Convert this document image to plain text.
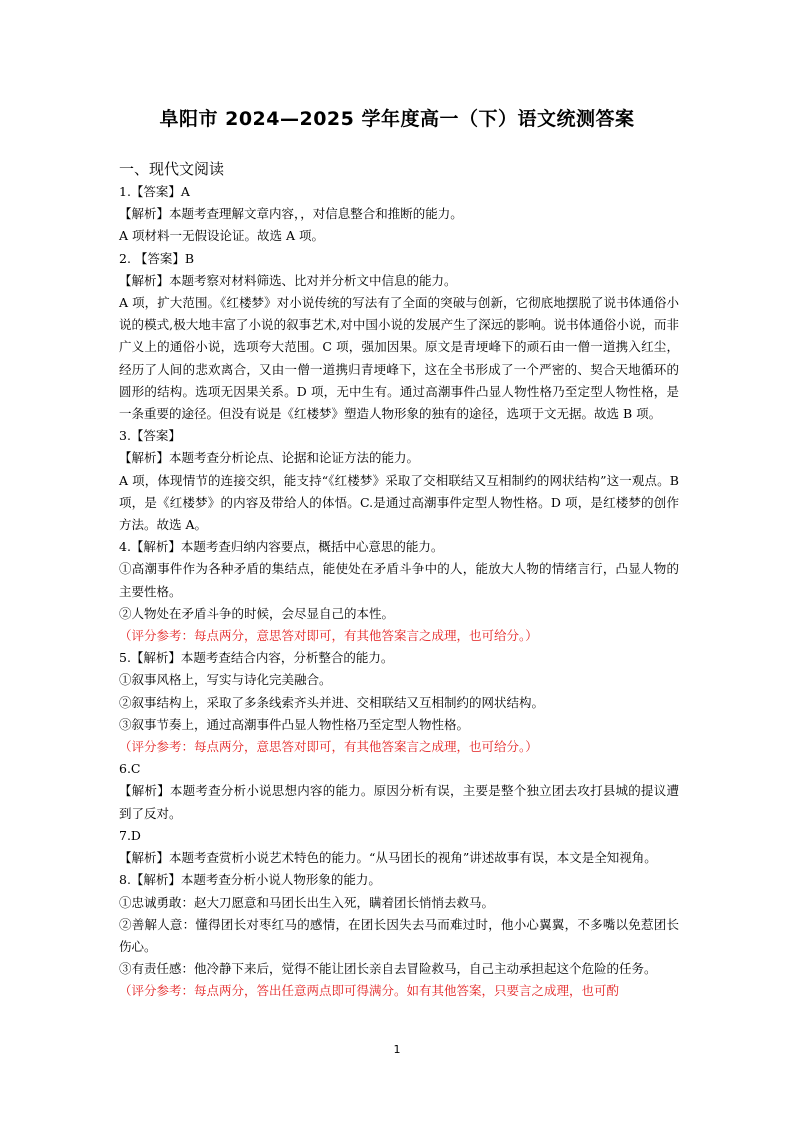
阜阳市 2024—2025 学年度高一（下）语文统测答案
一、现代文阅读

1.【答案】A

【解析】本题考查理解文章内容，，对信息整合和推断的能力。

A 项材料一无假设论证。故选 A 项。

2. 【答案】B

【解析】本题考察对材料筛选、比对并分析文中信息的能力。

A 项，扩大范围。《红楼梦》对小说传统的写法有了全面的突破与创新，它彻底地摆脱了说书体通俗小说的模式,极大地丰富了小说的叙事艺术,对中国小说的发展产生了深远的影响。说书体通俗小说，而非广义上的通俗小说，选项夸大范围。C 项，强加因果。原文是青埂峰下的顽石由一僧一道携入红尘，经历了人间的悲欢离合，又由一僧一道携归青埂峰下，这在全书形成了一个严密的、契合天地循环的圆形的结构。选项无因果关系。D 项，无中生有。通过高潮事件凸显人物性格乃至定型人物性格，是一条重要的途径。但没有说是《红楼梦》塑造人物形象的独有的途径，选项于文无据。故选 B 项。

3.【答案】

【解析】本题考查分析论点、论据和论证方法的能力。

A 项，体现情节的连接交织，能支持“《红楼梦》采取了交相联结又互相制约的网状结构”这一观点。B 项，是《红楼梦》的内容及带给人的体悟。C.是通过高潮事件定型人物性格。D 项，是红楼梦的创作方法。故选 A。

4.【解析】本题考查归纳内容要点，概括中心意思的能力。

①高潮事件作为各种矛盾的集结点，能使处在矛盾斗争中的人，能放大人物的情绪言行，凸显人物的主要性格。

②人物处在矛盾斗争的时候，会尽显自己的本性。

（评分参考：每点两分，意思答对即可，有其他答案言之成理，也可给分。）

5.【解析】本题考查结合内容，分析整合的能力。

①叙事风格上，写实与诗化完美融合。

②叙事结构上，采取了多条线索齐头并进、交相联结又互相制约的网状结构。

③叙事节奏上，通过高潮事件凸显人物性格乃至定型人物性格。

（评分参考：每点两分，意思答对即可，有其他答案言之成理，也可给分。）

6.C

【解析】本题考查分析小说思想内容的能力。原因分析有误，主要是整个独立团去攻打县城的提议遭到了反对。

7.D

【解析】本题考查赏析小说艺术特色的能力。“从马团长的视角”讲述故事有误，本文是全知视角。

8.【解析】本题考查分析小说人物形象的能力。

①忠诚勇敢：赵大刀愿意和马团长出生入死，瞒着团长悄悄去救马。

②善解人意：懂得团长对枣红马的感情，在团长因失去马而难过时，他小心翼翼，不多嘴以免惹团长伤心。

③有责任感：他冷静下来后，觉得不能让团长亲自去冒险救马，自己主动承担起这个危险的任务。

（评分参考：每点两分，答出任意两点即可得满分。如有其他答案，只要言之成理，也可酌

1
